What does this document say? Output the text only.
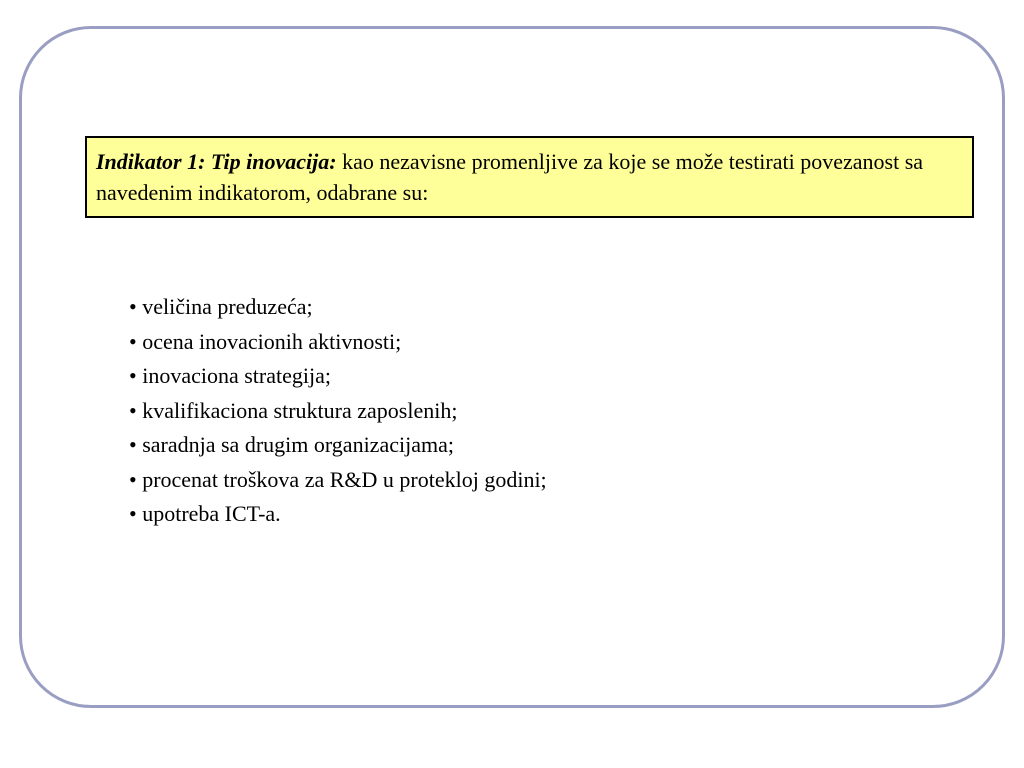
Indikator 1: Tip inovacija: kao nezavisne promenljive za koje se može testirati povezanost sa navedenim indikatorom, odabrane su:
• veličina preduzeća;
• ocena inovacionih aktivnosti;
• inovaciona strategija;
• kvalifikaciona struktura zaposlenih;
• saradnja sa drugim organizacijama;
• procenat troškova za R&D u protekloj godini;
• upotreba ICT-a.
